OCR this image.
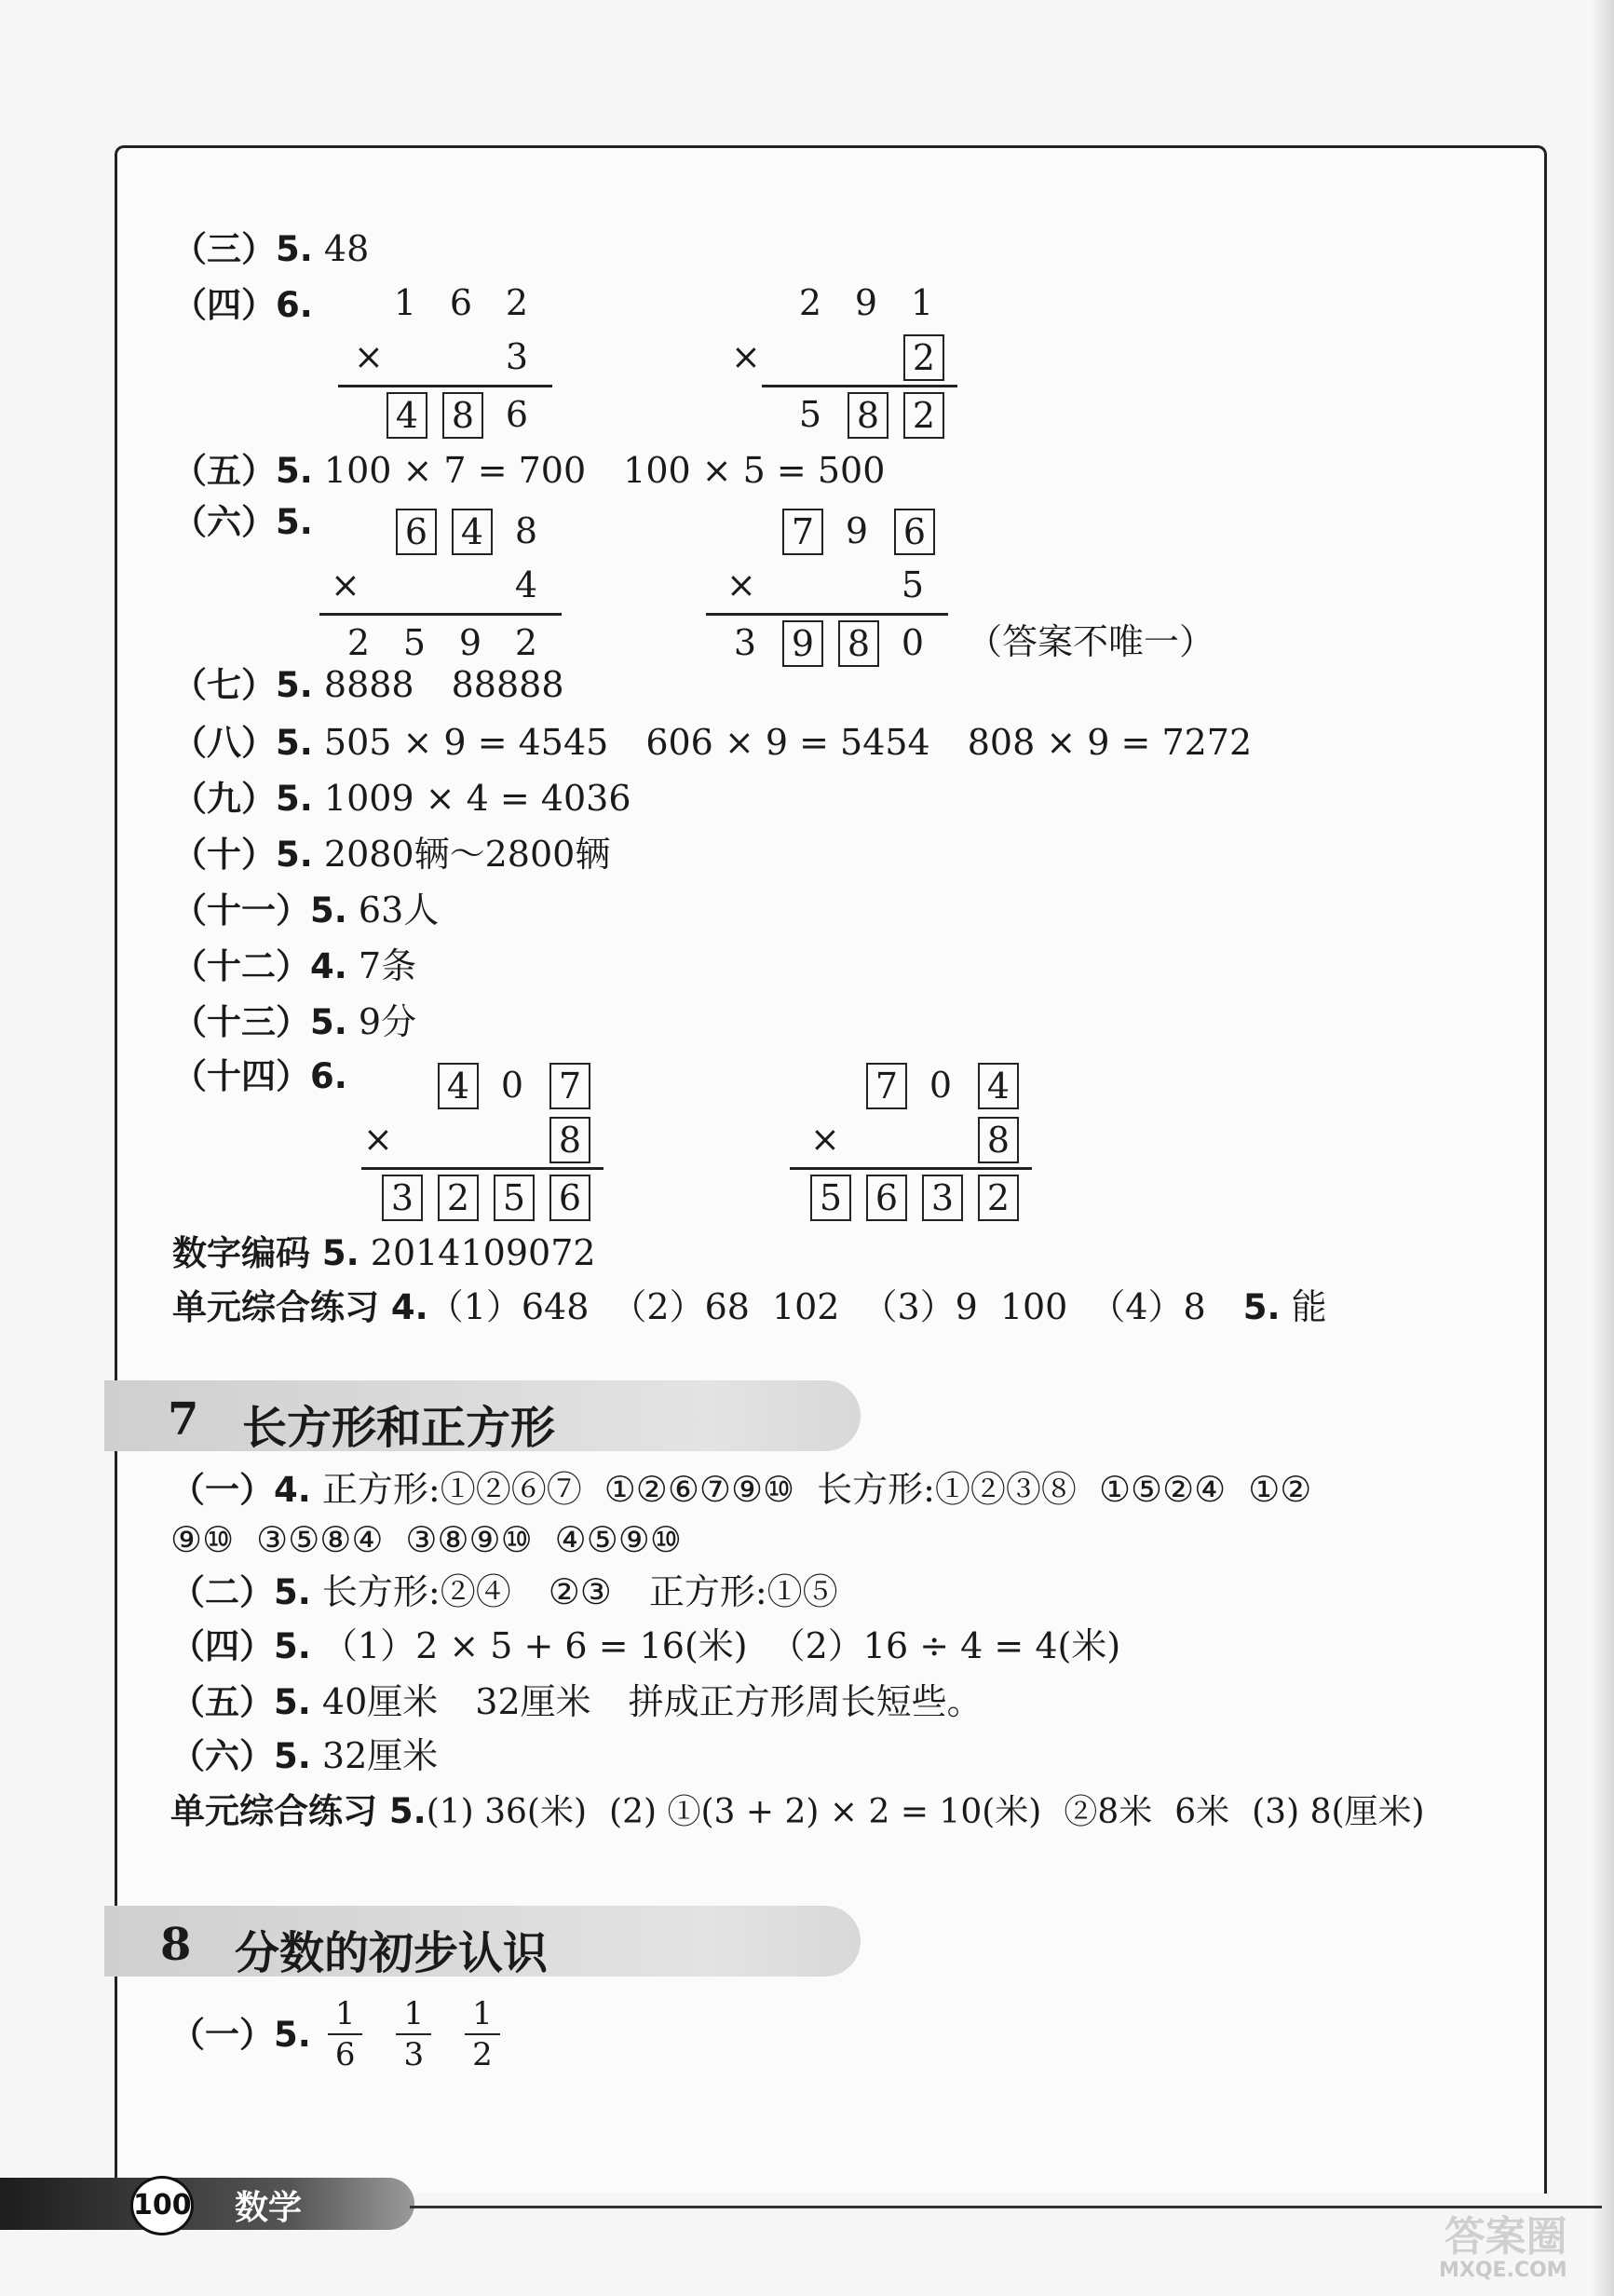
（三）5. 48
（四）6.	1 6 2
×	3
4 8 6
2 9 1
×	2
5 8 2
（五）5. 100 × 7 = 700 100 × 5 = 500
（六）5.	6 4 8
×	4
2 5 9 2
7 9 6
×	5
3 9 8 0	（答案不唯一）
（七）5. 8888 88888
（八）5. 505 × 9 = 4545 606 × 9 = 5454 808 × 9 = 7272
（九）5. 1009 × 4 = 4036
（十）5. 2080辆～2800辆
（十一）5. 63人
（十二）4. 7条
（十三）5. 9分
（十四）6.	4 0 7
×	8
3 2 5 6
7 0 4
×	8
5 6 3 2
数字编码 5. 2014109072
单元综合练习 4.（1）648 （2）68 102 （3）9 100 （4）8 5. 能
7 长方形和正方形
（一）4. 正方形:①②⑥⑦ ①②⑥⑦⑨⑩ 长方形:①②③⑧ ①⑤②④ ①②
⑨⑩ ③⑤⑧④ ③⑧⑨⑩ ④⑤⑨⑩
（二）5. 长方形:②④ ②③ 正方形:①⑤
（四）5. （1）2 × 5 + 6 = 16(米) （2）16 ÷ 4 = 4(米)
（五）5. 40厘米 32厘米 拼成正方形周长短些。
（六）5. 32厘米
单元综合练习 5.(1) 36(米) (2) ①(3 + 2) × 2 = 10(米) ②8米 6米 (3) 8(厘米)
8 分数的初步认识
（一）5. $\frac{1}{6} \frac{1}{3} \frac{1}{2}$
100 数学
答案圈
MXQE.COM
